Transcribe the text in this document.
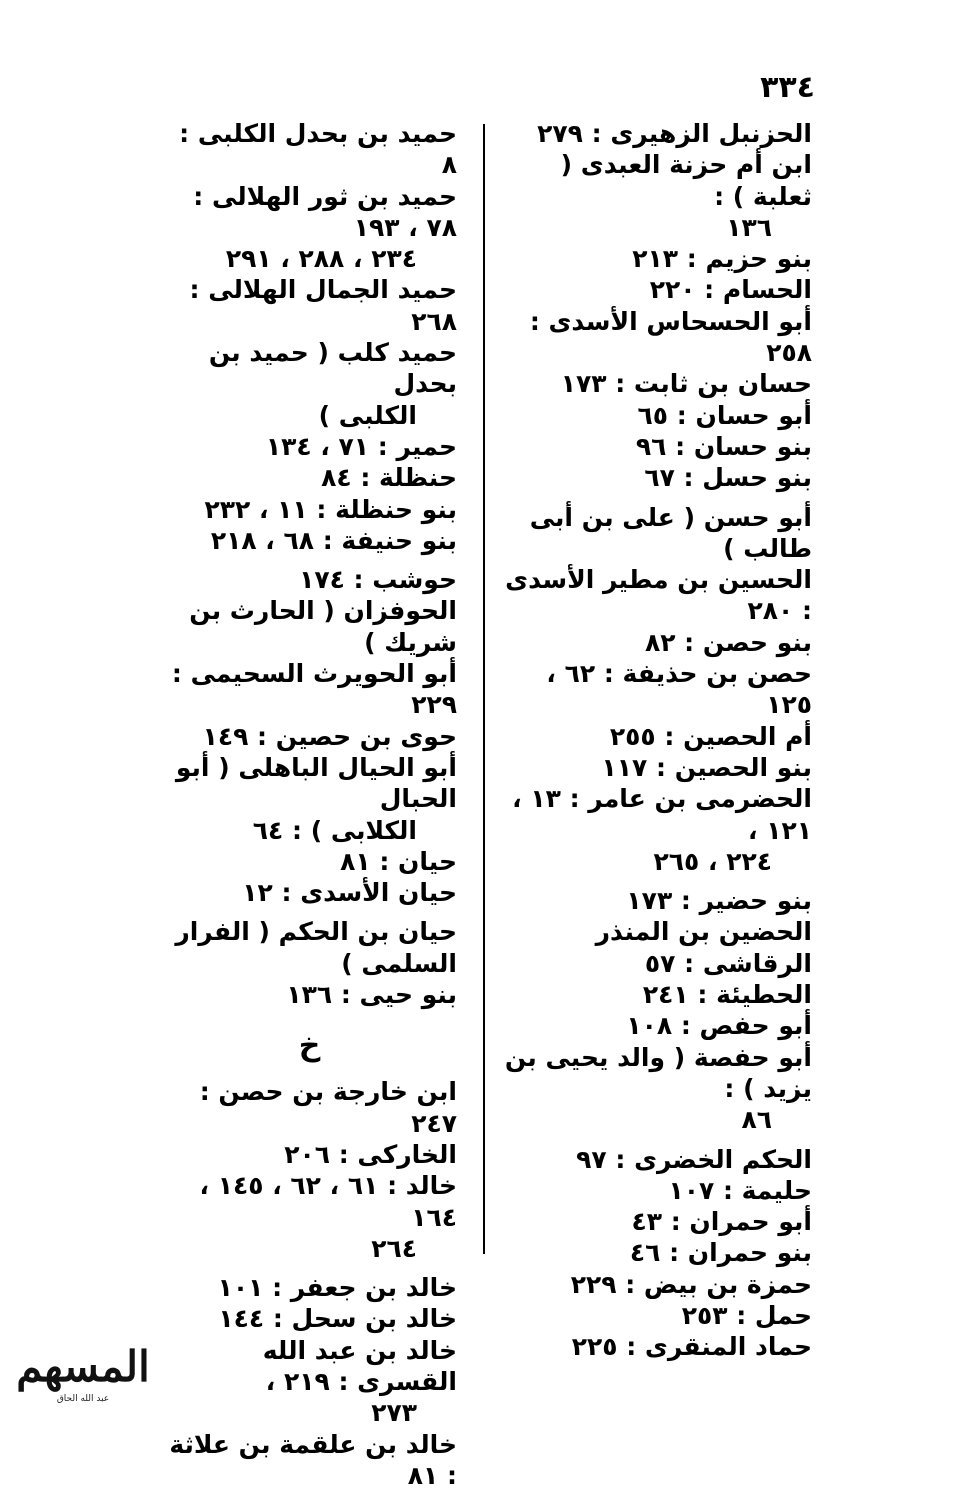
٣٣٤

الحزنبل الزهيرى : ٢٧٩

ابن أم حزنة العبدى ( ثعلبة ) :

١٣٦

بنو حزيم : ٢١٣

الحسام : ٢٢٠

أبو الحسحاس الأسدى : ٢٥٨

حسان بن ثابت : ١٧٣

أبو حسان : ٦٥

بنو حسان : ٩٦

بنو حسل : ٦٧

أبو حسن ( على بن أبى طالب )

الحسين بن مطير الأسدى : ٢٨٠

بنو حصن : ٨٢

حصن بن حذيفة : ٦٢ ، ١٢٥

أم الحصين : ٢٥٥

بنو الحصين : ١١٧

الحضرمى بن عامر : ١٣ ، ١٢١ ،

٢٢٤ ، ٢٦٥

بنو حضير : ١٧٣

الحضين بن المنذر الرقاشى : ٥٧

الحطيئة : ٢٤١

أبو حفص : ١٠٨

أبو حفصة ( والد يحيى بن يزيد ) :

٨٦

الحكم الخضرى : ٩٧

حليمة : ١٠٧

أبو حمران : ٤٣

بنو حمران : ٤٦

حمزة بن بيض : ٢٢٩

حمل : ٢٥٣

حماد المنقرى : ٢٢٥

حميد بن بحدل الكلبى : ٨

حميد بن ثور الهلالى : ٧٨ ، ١٩٣

٢٣٤ ، ٢٨٨ ، ٢٩١

حميد الجمال الهلالى : ٢٦٨

حميد كلب ( حميد بن بحدل

الكلبى )

حمير : ٧١ ، ١٣٤

حنظلة : ٨٤

بنو حنظلة : ١١ ، ٢٣٢

بنو حنيفة : ٦٨ ، ٢١٨

حوشب : ١٧٤

الحوفزان ( الحارث بن شريك )

أبو الحويرث السحيمى : ٢٢٩

حوى بن حصين : ١٤٩

أبو الحيال الباهلى ( أبو الحبال

الكلابى ) : ٦٤

حيان : ٨١

حيان الأسدى : ١٢

حيان بن الحكم ( الفرار السلمى )

بنو حيى : ١٣٦

خ

ابن خارجة بن حصن : ٢٤٧

الخاركى : ٢٠٦

خالد : ٦١ ، ٦٢ ، ١٤٥ ، ١٦٤

٢٦٤

خالد بن جعفر : ١٠١

خالد بن سحل : ١٤٤

خالد بن عبد الله القسرى : ٢١٩ ،

٢٧٣

خالد بن علقمة بن علاثة : ٨١

المسهم
عبد الله الحاق
